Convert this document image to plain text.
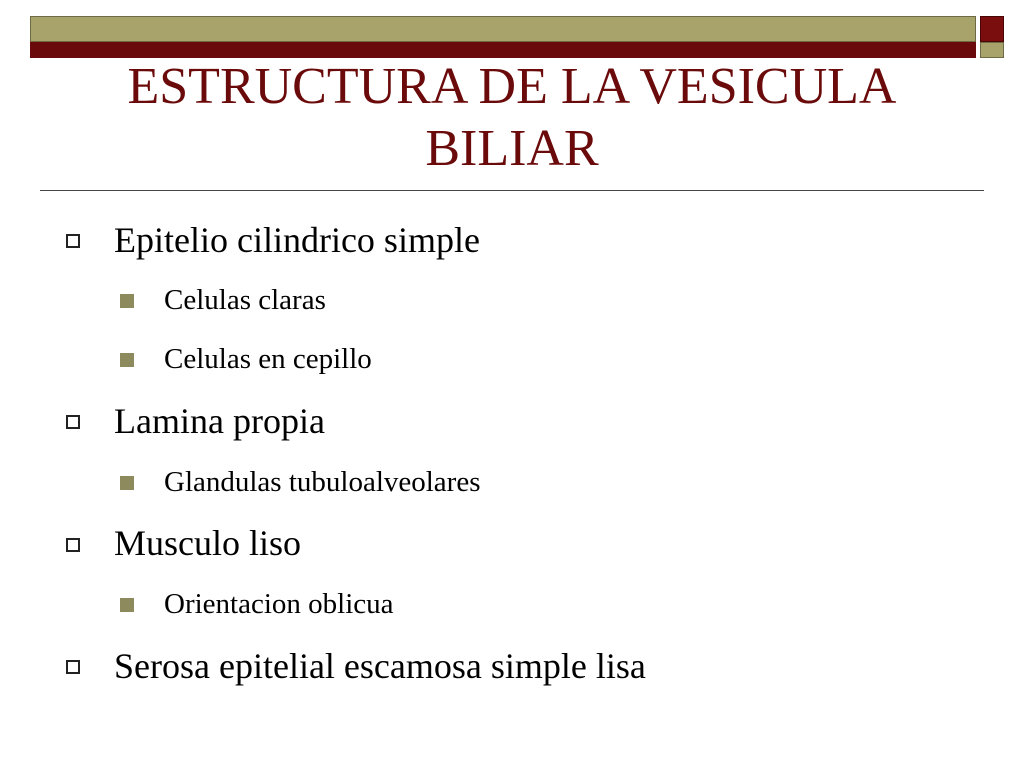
ESTRUCTURA DE LA VESICULA
BILIAR
Epitelio cilindrico simple
Celulas claras
Celulas en cepillo
Lamina propia
Glandulas tubuloalveolares
Musculo liso
Orientacion oblicua
Serosa epitelial escamosa simple lisa
